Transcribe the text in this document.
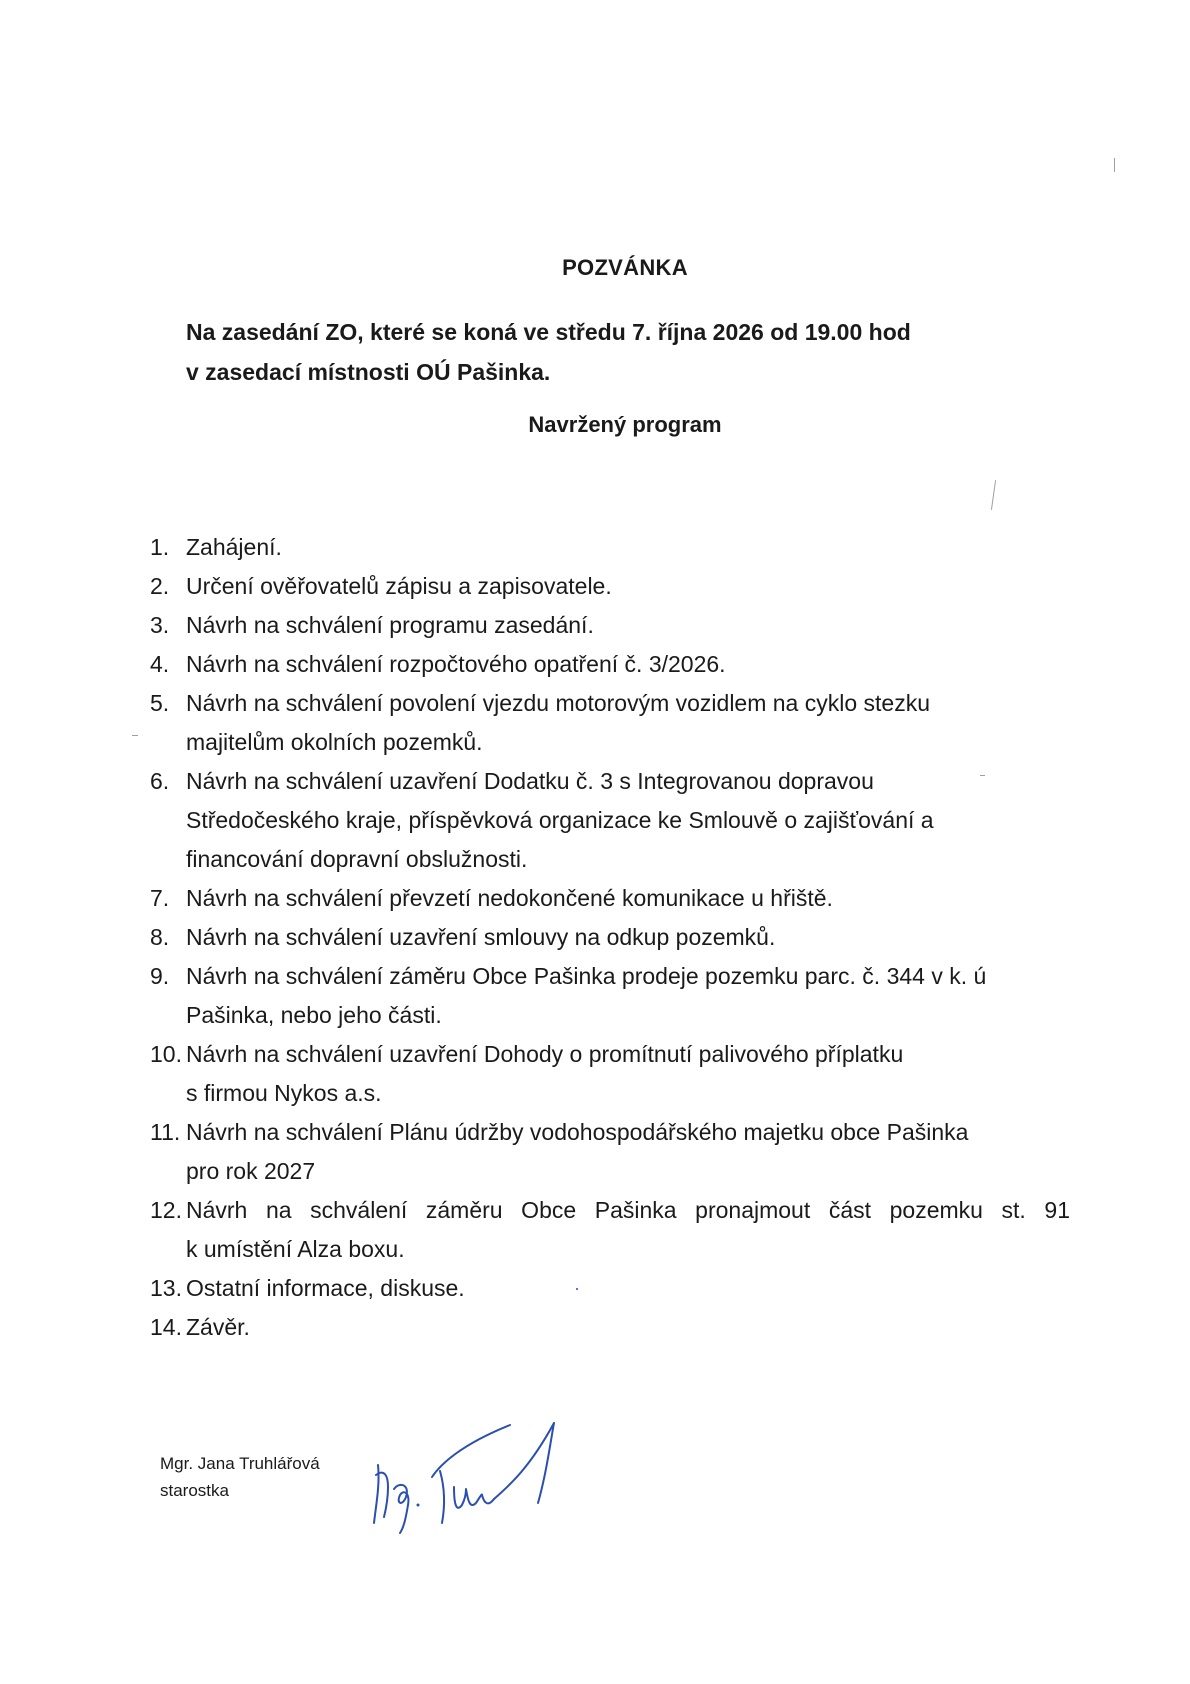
POZVÁNKA
Na zasedání ZO, které se koná ve středu 7. října 2026 od 19.00 hod
v zasedací místnosti OÚ Pašinka.
Navržený program
1. Zahájení.
2. Určení ověřovatelů zápisu a zapisovatele.
3. Návrh na schválení programu zasedání.
4. Návrh na schválení rozpočtového opatření č. 3/2026.
5. Návrh na schválení povolení vjezdu motorovým vozidlem na cyklo stezku
majitelům okolních pozemků.
6. Návrh na schválení uzavření Dodatku č. 3 s Integrovanou dopravou
Středočeského kraje, příspěvková organizace ke Smlouvě o zajišťování a
financování dopravní obslužnosti.
7. Návrh na schválení převzetí nedokončené komunikace u hřiště.
8. Návrh na schválení uzavření smlouvy na odkup pozemků.
9. Návrh na schválení záměru Obce Pašinka prodeje pozemku parc. č. 344 v k. ú
Pašinka, nebo jeho části.
10. Návrh na schválení uzavření Dohody o promítnutí palivového příplatku
s firmou Nykos a.s.
11. Návrh na schválení Plánu údržby vodohospodářského majetku obce Pašinka
pro rok 2027
12. Návrh na schválení záměru Obce Pašinka pronajmout část pozemku st. 91
k umístění Alza boxu.
13. Ostatní informace, diskuse.
14. Závěr.
Mgr. Jana Truhlářová
starostka
